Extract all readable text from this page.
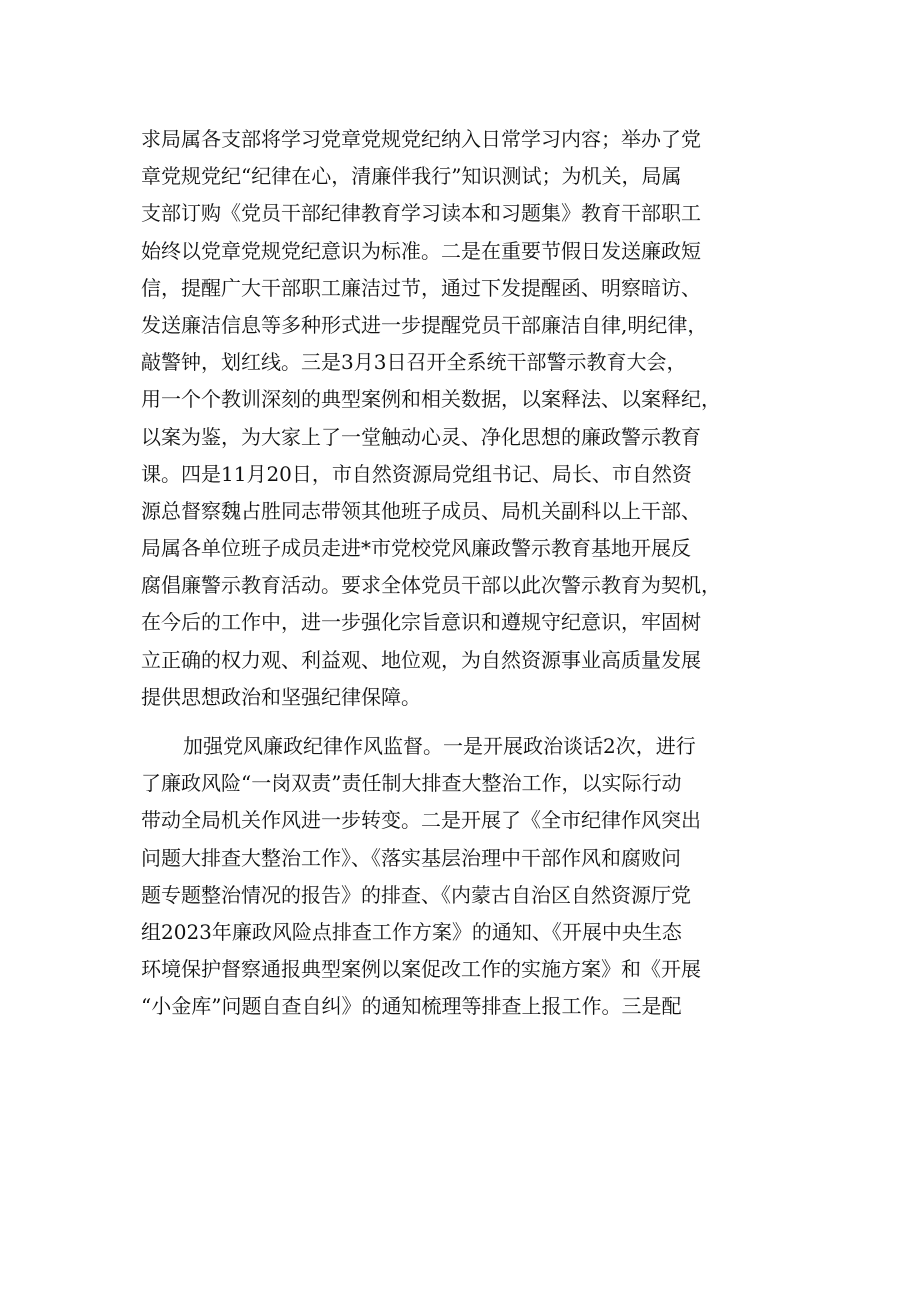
求局属各支部将学习党章党规党纪纳入日常学习内容；举办了党
章党规党纪“纪律在心，清廉伴我行”知识测试；为机关，局属
支部订购《党员干部纪律教育学习读本和习题集》教育干部职工
始终以党章党规党纪意识为标准。二是在重要节假日发送廉政短
信，提醒广大干部职工廉洁过节，通过下发提醒函、明察暗访、
发送廉洁信息等多种形式进一步提醒党员干部廉洁自律,明纪律，
敲警钟，划红线。三是3月3日召开全系统干部警示教育大会，
用一个个教训深刻的典型案例和相关数据，以案释法、以案释纪，
以案为鉴，为大家上了一堂触动心灵、净化思想的廉政警示教育
课。四是11月20日，市自然资源局党组书记、局长、市自然资
源总督察魏占胜同志带领其他班子成员、局机关副科以上干部、
局属各单位班子成员走进*市党校党风廉政警示教育基地开展反
腐倡廉警示教育活动。要求全体党员干部以此次警示教育为契机，
在今后的工作中，进一步强化宗旨意识和遵规守纪意识，牢固树
立正确的权力观、利益观、地位观，为自然资源事业高质量发展
提供思想政治和坚强纪律保障。
加强党风廉政纪律作风监督。一是开展政治谈话2次，进行
了廉政风险“一岗双责”责任制大排查大整治工作，以实际行动
带动全局机关作风进一步转变。二是开展了《全市纪律作风突出
问题大排查大整治工作》、《落实基层治理中干部作风和腐败问
题专题整治情况的报告》的排查、《内蒙古自治区自然资源厅党
组2023年廉政风险点排查工作方案》的通知、《开展中央生态
环境保护督察通报典型案例以案促改工作的实施方案》和《开展
“小金库”问题自查自纠》的通知梳理等排查上报工作。三是配
